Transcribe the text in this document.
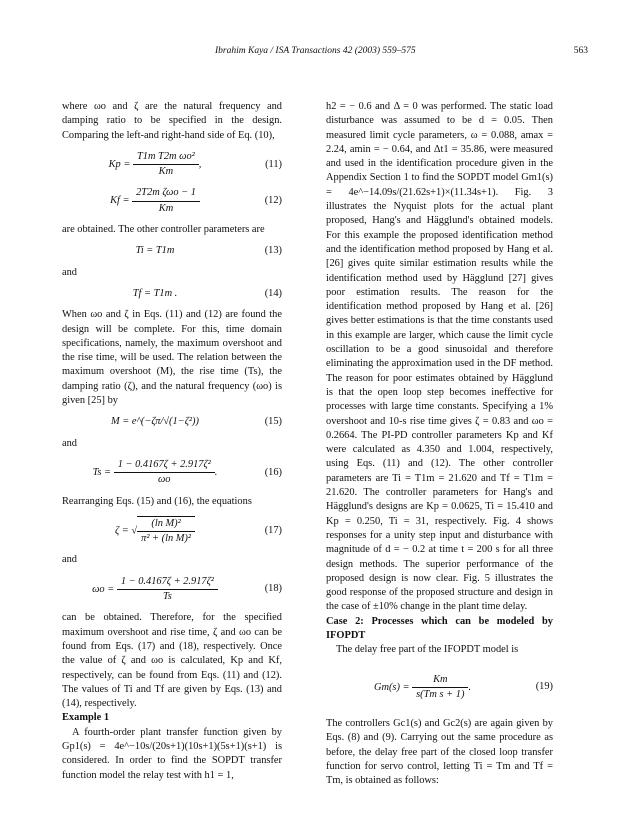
Ibrahim Kaya / ISA Transactions 42 (2003) 559–575	563

where ωo and ζ are the natural frequency and damping ratio to be specified in the design. Comparing the left-and right-hand side of Eq. (10),

$Kp = \frac{\text{T1m T2m ωo²}}{Km}$ ,	(11)
$Kf = \frac{\text{2T2m ζωo − 1}}{Km}$	(12)

are obtained. The other controller parameters are

Ti = T1m	(13)

and

Tf = T1m .	(14)

When ωo and ζ in Eqs. (11) and (12) are found the design will be complete. For this, time domain specifications, namely, the maximum overshoot and the rise time, will be used. The relation between the maximum overshoot (M), the rise time (Ts), the damping ratio (ζ), and the natural frequency (ωo) is given [25] by

M = e^(−ζπ/√(1−ζ²))	(15)

and

$Ts = \frac{\text{1 − 0.4167ζ + 2.917ζ²}}{\omega o}$ .	(16)

Rearranging Eqs. (15) and (16), the equations

ζ = √ $\frac{\text{(ln M)²}}{\text{π² + (ln M)²}}$	(17)

and

$\omega o = \frac{\text{1 − 0.4167ζ + 2.917ζ²}}{Ts}$	(18)

can be obtained. Therefore, for the specified maximum overshoot and rise time, ζ and ωo can be found from Eqs. (17) and (18), respectively. Once the value of ζ and ωo is calculated, Kp and Kf, respectively, can be found from Eqs. (11) and (12). The values of Ti and Tf are given by Eqs. (13) and (14), respectively.

Example 1

A fourth-order plant transfer function given by Gp1(s) = 4e^−10s/(20s+1)(10s+1)(5s+1)(s+1) is considered. In order to find the SOPDT transfer function model the relay test with h1 = 1,

h2 = − 0.6 and Δ = 0 was performed. The static load disturbance was assumed to be d = 0.05. Then measured limit cycle parameters, ω = 0.088, amax = 2.24, amin = − 0.64, and Δt1 = 35.86, were measured and used in the identification procedure given in the Appendix Section 1 to find the SOPDT model Gm1(s) = 4e^−14.09s/(21.62s+1)×(11.34s+1). Fig. 3 illustrates the Nyquist plots for the actual plant proposed, Hang's and Hägglund's obtained models. For this example the proposed identification method and the identification method proposed by Hang et al. [26] gives quite similar estimation results while the identification method used by Hägglund [27] gives poor estimation results. The reason for the identification method proposed by Hang et al. [26] gives better estimations is that the time constants used in this example are larger, which cause the limit cycle oscillation to be a good sinusoidal and therefore eliminating the approximation used in the DF method. The reason for poor estimates obtained by Hägglund is that the open loop step becomes ineffective for processes with large time constants. Specifying a 1% overshoot and 10-s rise time gives ζ = 0.83 and ωo = 0.2664. The PI-PD controller parameters Kp and Kf were calculated as 4.350 and 1.004, respectively, using Eqs. (11) and (12). The other controller parameters are Ti = T1m = 21.620 and Tf = T1m = 21.620. The controller parameters for Hang's and Hägglund's designs are Kp = 0.0625, Ti = 15.410 and Kp = 0.250, Ti = 31, respectively. Fig. 4 shows responses for a unity step input and disturbance with magnitude of d = − 0.2 at time t = 200 s for all three design methods. The superior performance of the proposed design is now clear. Fig. 5 illustrates the good response of the proposed structure and design in the case of ±10% change in the plant time delay.

Case 2: Processes which can be modeled by IFOPDT

The delay free part of the IFOPDT model is

$Gm(s) = \frac{Km}{\text{s(Tm s + 1)}}$ .	(19)

The controllers Gc1(s) and Gc2(s) are again given by Eqs. (8) and (9). Carrying out the same procedure as before, the delay free part of the closed loop transfer function for servo control, letting Ti = Tm and Tf = Tm, is obtained as follows:
